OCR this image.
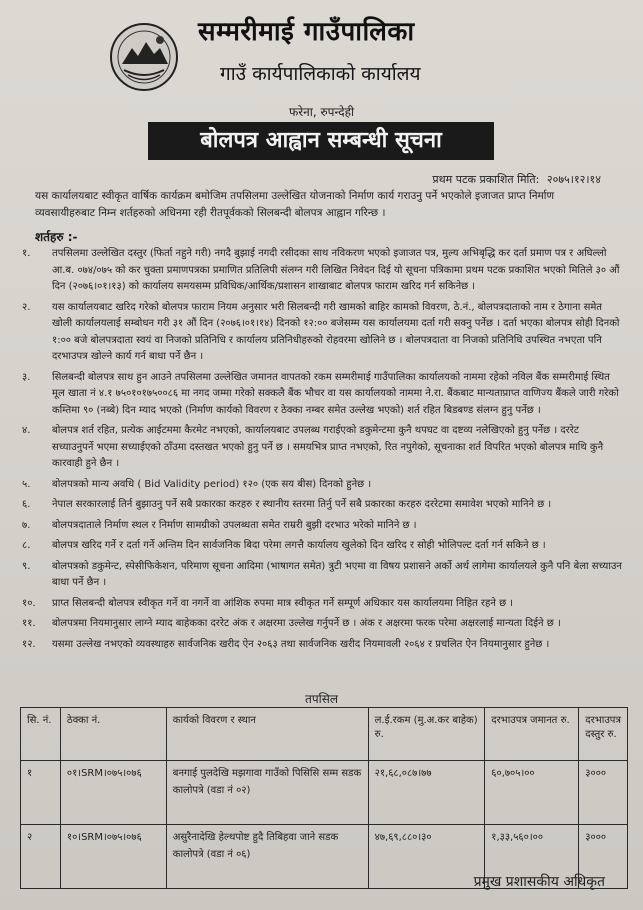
सम्मरीमाई गाउँपालिका
गाउँ कार्यपालिकाको कार्यालय
फरेना, रुपन्देही
बोलपत्र आह्वान सम्बन्धी सूचना
प्रथम पटक प्रकाशित मिति: २०७५।१२।१४
यस कार्यालयबाट स्वीकृत वार्षिक कार्यक्रम बमोजिम तपसिलमा उल्लेखित योजनाको निर्माण कार्य गराउनु पर्ने भएकोले इजाजत प्राप्त निर्माण व्यवसायीहरुबाट निम्न शर्तहरुको अधिनमा रही रीतपूर्वकको सिलबन्दी बोलपत्र आह्वान गरिन्छ ।
शर्तहरु :-
१.	तपसिलमा उल्लेखित दस्तुर (फिर्ता नहुने गरी) नगदै बुझाई नगदी रसीदका साथ नविकरण भएको इजाजत पत्र, मुल्य अभिबृद्धि कर दर्ता प्रमाण पत्र र अघिल्लो आ.ब. ०७४/०७५ को कर चुक्ता प्रमाणपत्रका प्रमाणित प्रतिलिपी संलग्न गरी लिखित निवेदन दिई यो सूचना पत्रिकामा प्रथम पटक प्रकाशित भएको मितिले ३० औं दिन (२०७६।०१।१३) को कार्यालय समयसम्म प्रविधिक/आर्थिक/प्रशासन शाखाबाट बोलपत्र फाराम खरिद गर्न सकिनेछ ।
२.	यस कार्यालयबाट खरिद गरेको बोलपत्र फाराम नियम अनुसार भरी सिलबन्दी गरी खामको बाहिर कामको विवरण, ठे.नं., बोलपत्रदाताको नाम र ठेगाना समेत खोली कार्यालयलाई सम्बोधन गरी ३१ औं दिन (२०७६।०१।१४) दिनको १२:०० बजेसम्म यस कार्यालयमा दर्ता गरी सक्नु पर्नेछ । दर्ता भएका बोलपत्र सोही दिनको १:०० बजे बोलपत्रदाता स्वयं वा निजको प्रतिनिधि र कार्यालय प्रतिनिधीहरुको रोहवरमा खोलिने छ । बोलपत्रदाता वा निजको प्रतिनिधि उपस्थित नभएता पनि दरभाउपत्र खोल्ने कार्य गर्न बाधा पर्ने छैन ।
३.	सिलबन्दी बोलपत्र साथ हुन आउने तपसिलमा उल्लेखित जमानत वापतको रकम सम्मरीमाई गाउँपालिका कार्यालयको नाममा रहेको नविल बैंक सम्मरीमाई स्थित मूल खाता नं ४.१ ७५०१०१७५००८६ मा नगद जम्मा गरेको सक्कलै बैंक भौचर वा यस कार्यालयको नाममा ने.रा. बैंकबाट मान्यताप्राप्त वाणिज्य बैंकले जारी गरेको कम्तिमा ९० (नब्बे) दिन म्याद भएको (निर्माण कार्यको विवरण र ठेक्का नम्बर समेत उल्लेख भएको) शर्त रहित बिडबण्ड संलग्न हुनु पर्नेछ ।
४.	बोलपत्र शर्त रहित, प्रत्येक आईटममा कैरमेट नभएको, कार्यालयबाट उपलब्ध गराईएको डकुमेन्टमा कुनै थपघट वा दष्टव्य नलेखिएको हुनु पर्नेछ । दररेट सच्याउनुपर्ने भएमा सच्याईएको ठाँउमा दस्तखत भएको हुनु पर्ने छ । समयभित्र प्राप्त नभएको, रित नपुगेको, सूचनाका शर्त विपरित भएको बोलपत्र माथि कुनै कारवाही हुने छैन ।
५.	बोलपत्रको मान्य अवधि ( Bid Validity period) १२० (एक सय बीस) दिनको हुनेछ ।
६.	नेपाल सरकारलाई तिर्न बुझाउनु पर्ने सबै प्रकारका करहरु र स्थानीय स्तरमा तिर्नु पर्ने सबै प्रकारका करहरु दररेटमा समावेश भएको मानिने छ ।
७.	बोलपत्रदाताले निर्माण स्थल र निर्माण सामग्रीको उपलब्धता समेत राम्ररी बुझी दरभाउ भरेको मानिने छ ।
८.	बोलपत्र खरिद गर्ने र दर्ता गर्ने अन्तिम दिन सार्वजनिक बिदा परेमा लगत्तै कार्यालय खुलेको दिन खरिद र सोही भोलिपल्ट दर्ता गर्न सकिने छ ।
९.	बोलपत्रको डकुमेन्ट, स्पेसीफिकेशन, परिमाण सूचना आदिमा (भाषागत समेत) त्रुटी भएमा वा विषय प्रशासने अर्को अर्थ लागेमा कार्यालयले कुनै पनि बेला सच्याउन बाधा पर्ने छैन ।
१०.	प्राप्त सिलबन्दी बोलपत्र स्वीकृत गर्ने वा नगर्ने वा आंशिक रुपमा मात्र स्वीकृत गर्ने सम्पूर्ण अधिकार यस कार्यालयमा निहित रहने छ ।
११.	बोलपत्रमा नियमानुसार लाग्ने म्याद बाहेकका दररेट अंक र अक्षरमा उल्लेख गर्नुपर्ने छ । अंक र अक्षरमा फरक परेमा अक्षरलाई मान्यता दिईने छ ।
१२.	यसमा उल्लेख नभएको व्यवस्थाहरु सार्वजनिक खरीद ऐन २०६३ तथा सार्वजनिक खरीद नियमावली २०६४ र प्रचलित ऐन नियमानुसार हुनेछ ।
तपसिल
सि. नं.	ठेक्का नं.	कार्यको विवरण र स्थान	ल.ई.रकम (मु.अ.कर बाहेक) रु.	दरभाउपत्र जमानत रु.	दरभाउपत्र दस्तुर रु.
१	०१।SRM।०७५।०७६	बनगाई पुलदेखि मझगावा गाउँको पिसिसि सम्म सडक कालोपत्रे (वडा नं ०२)	२१,६८,०८७।७७	६०,७०५।००	३०००
२	१०।SRM।०७५।०७६	असुरैनादेखि हेल्थपोष्ट हुदै तिबिहवा जाने सडक कालोपत्रे (वडा नं ०६)	४७,६९,८८०।३०	१,३३,५६०।००	३०००
प्रमुख प्रशासकीय अधिकृत
